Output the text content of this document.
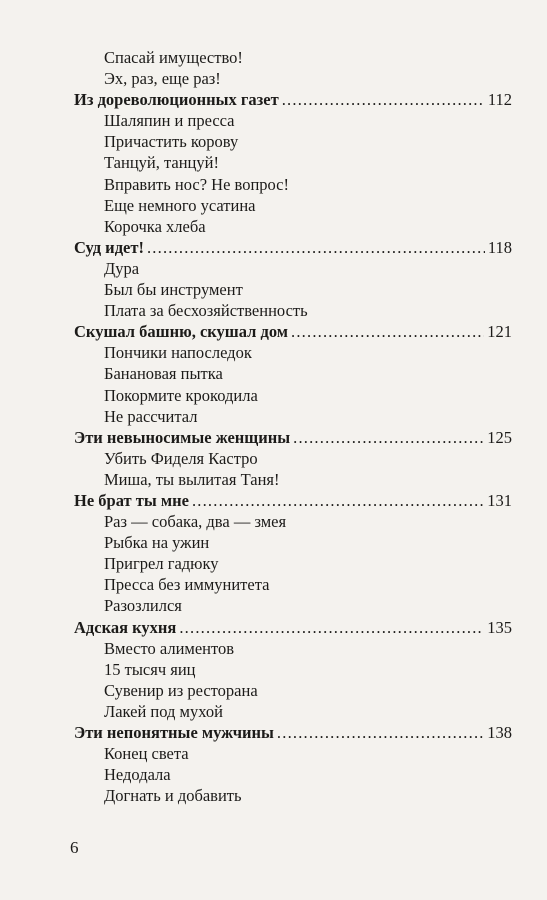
Спасай имущество!
Эх, раз, еще раз!
Из дореволюционных газет .....	112
Шаляпин и пресса
Причастить корову
Танцуй, танцуй!
Вправить нос? Не вопрос!
Еще немного усатина
Корочка хлеба
Суд идет! .....	118
Дура
Был бы инструмент
Плата за бесхозяйственность
Скушал башню, скушал дом .....	121
Пончики напоследок
Банановая пытка
Покормите крокодила
Не рассчитал
Эти невыносимые женщины .....	125
Убить Фиделя Кастро
Миша, ты вылитая Таня!
Не брат ты мне .....	131
Раз — собака, два — змея
Рыбка на ужин
Пригрел гадюку
Пресса без иммунитета
Разозлился
Адская кухня .....	135
Вместо алиментов
15 тысяч яиц
Сувенир из ресторана
Лакей под мухой
Эти непонятные мужчины .....	138
Конец света
Недодала
Догнать и добавить
6
